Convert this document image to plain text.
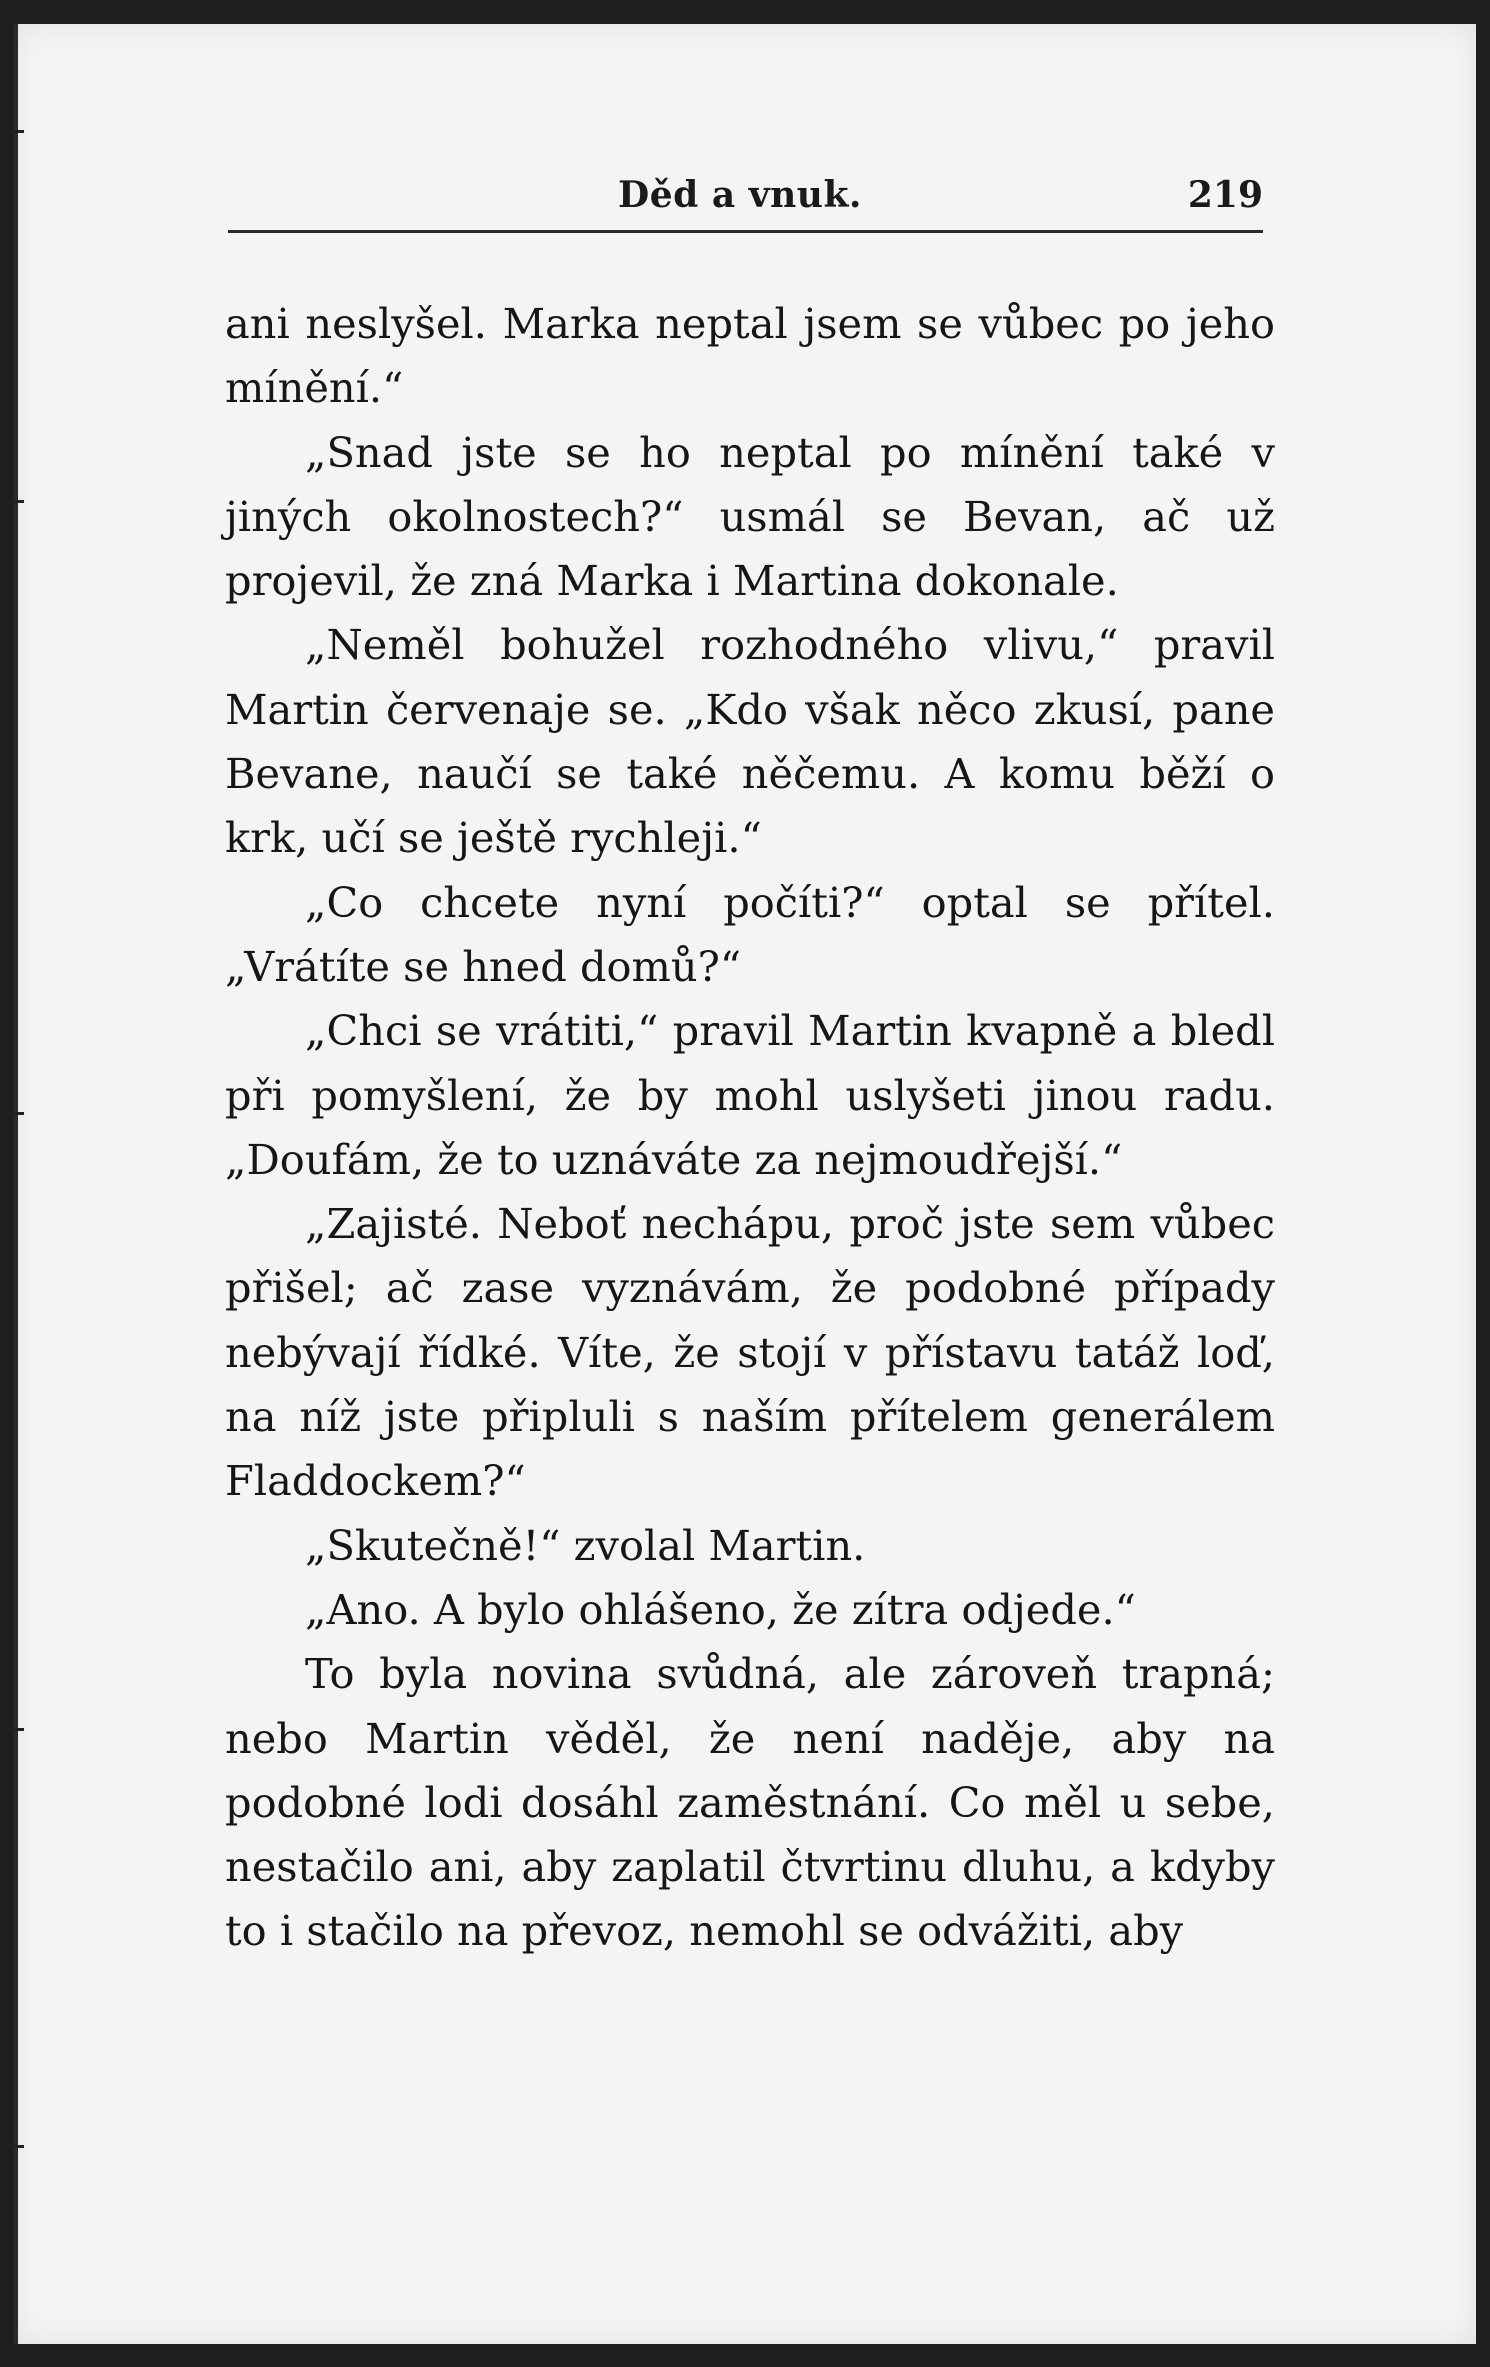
Děd a vnuk.	219

ani neslyšel. Marka neptal jsem se vůbec po jeho mínění.“

„Snad jste se ho neptal po mínění také v jiných okolnostech?“ usmál se Bevan, ač už projevil, že zná Marka i Martina dokonale.

„Neměl bohužel rozhodného vlivu,“ pravil Martin červenaje se. „Kdo však něco zkusí, pane Bevane, naučí se také něčemu. A komu běží o krk, učí se ještě rychleji.“

„Co chcete nyní počíti?“ optal se přítel. „Vrátíte se hned domů?“

„Chci se vrátiti,“ pravil Martin kvapně a bledl při pomyšlení, že by mohl uslyšeti jinou radu. „Doufám, že to uznáváte za nejmoudřejší.“

„Zajisté. Neboť nechápu, proč jste sem vůbec přišel; ač zase vyznávám, že podobné případy nebývají řídké. Víte, že stojí v přístavu tatáž loď, na níž jste připluli s naším přítelem generálem Fladdockem?“

„Skutečně!“ zvolal Martin.

„Ano. A bylo ohlášeno, že zítra odjede.“

To byla novina svůdná, ale zároveň trapná; nebo Martin věděl, že není naděje, aby na podobné lodi dosáhl zaměstnání. Co měl u sebe, nestačilo ani, aby zaplatil čtvrtinu dluhu, a kdyby to i stačilo na převoz, nemohl se odvážiti, aby
